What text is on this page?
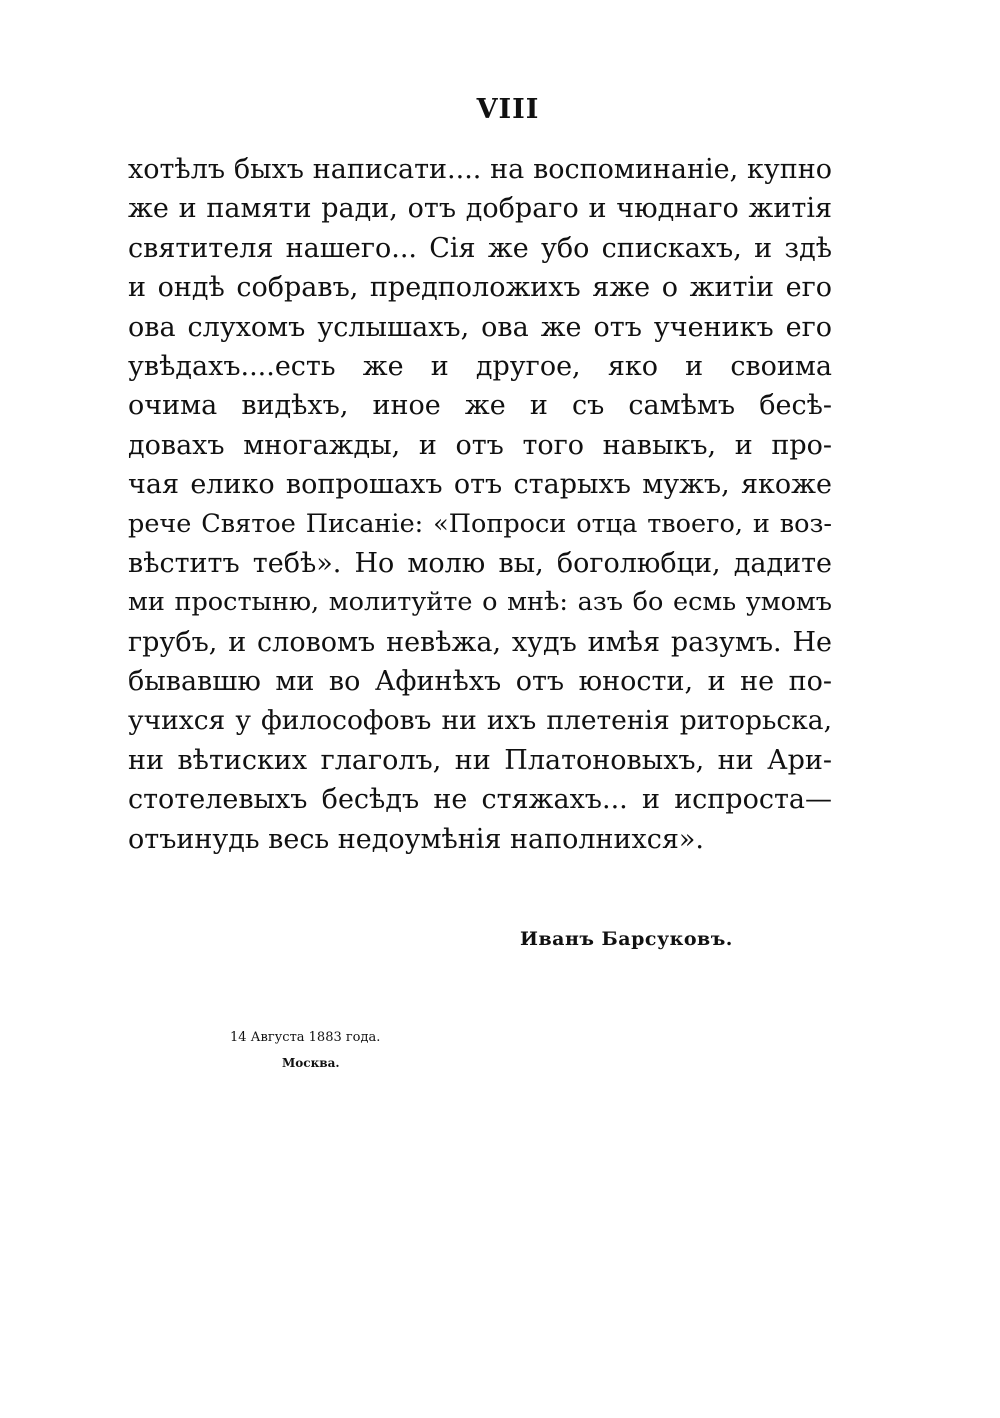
VIII
хотѣлъ быхъ написати.... на воспоминаніе, купно
же и памяти ради, отъ добраго и чюднаго житія
святителя нашего... Сія же убо спискахъ, и здѣ
и ондѣ собравъ, предположихъ яже о житіи его
ова слухомъ услышахъ, ова же отъ ученикъ его
увѣдахъ....есть же и другое, яко и своима
очима видѣхъ, иное же и съ самѣмъ бесѣ-
довахъ многажды, и отъ того навыкъ, и про-
чая елико вопрошахъ отъ старыхъ мужъ, якоже
рече Святое Писаніе: «Попроси отца твоего, и воз-
вѣститъ тебѣ». Но молю вы, боголюбци, дадите
ми простыню, молитуйте о мнѣ: азъ бо есмь умомъ
грубъ, и словомъ невѣжа, худъ имѣя разумъ. Не
бывавшю ми во Афинѣхъ отъ юности, и не по-
учихся у философовъ ни ихъ плетенія риторьска,
ни вѣтиских глаголъ, ни Платоновыхъ, ни Ари-
стотелевыхъ бесѣдъ не стяжахъ... и испроста—
отъинудь весь недоумѣнія наполнихся».
Иванъ Барсуковъ.
14 Августа 1883 года.
Москва.
